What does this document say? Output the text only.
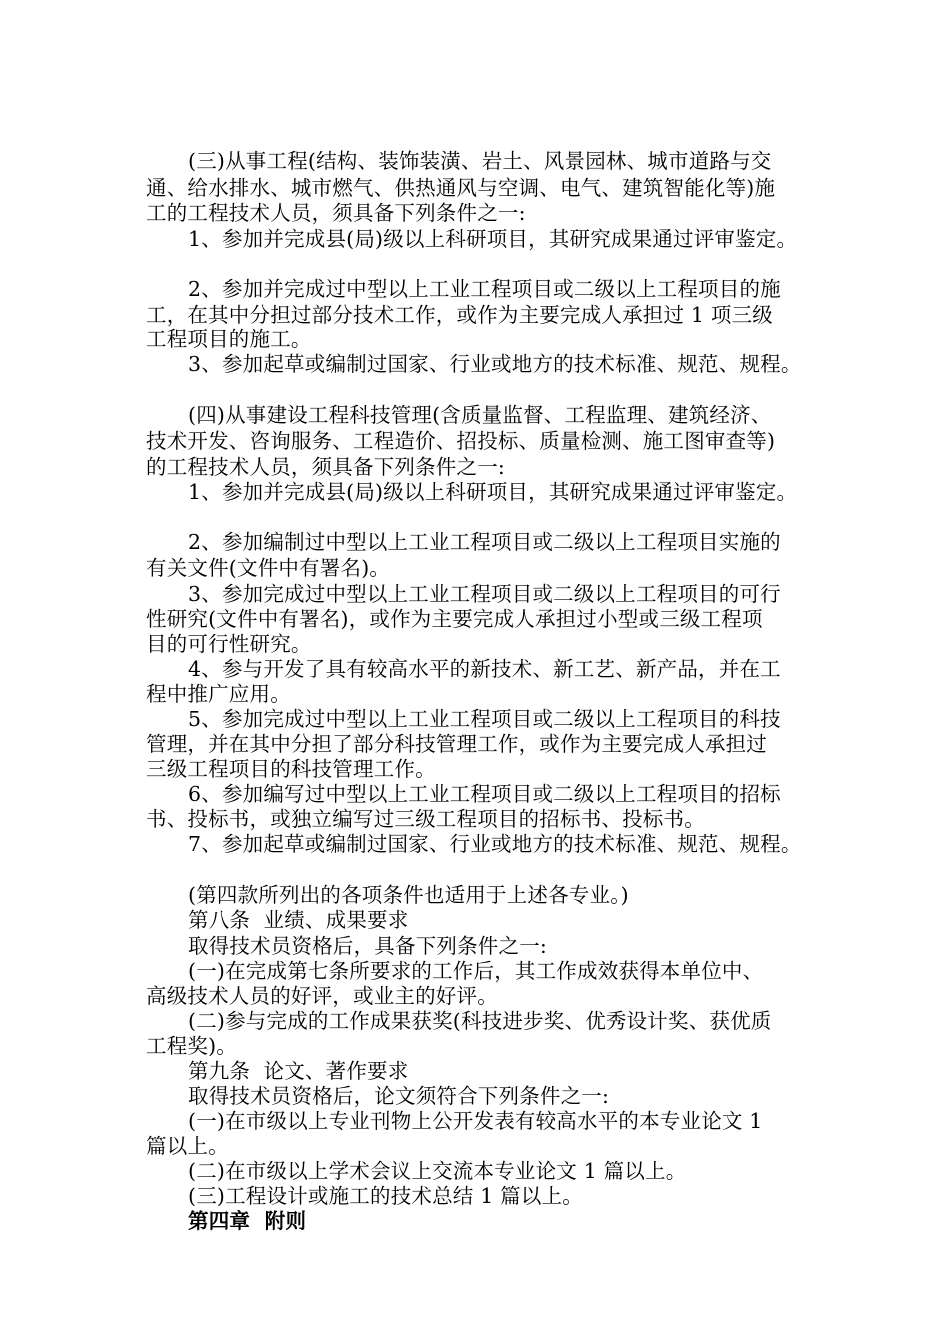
(三)从事工程(结构、装饰装潢、岩土、风景园林、城市道路与交
通、给水排水、城市燃气、供热通风与空调、电气、建筑智能化等)施
工的工程技术人员，须具备下列条件之一:
1、参加并完成县(局)级以上科研项目，其研究成果通过评审鉴定。
2、参加并完成过中型以上工业工程项目或二级以上工程项目的施
工，在其中分担过部分技术工作，或作为主要完成人承担过 1 项三级
工程项目的施工。
3、参加起草或编制过国家、行业或地方的技术标准、规范、规程。
(四)从事建设工程科技管理(含质量监督、工程监理、建筑经济、
技术开发、咨询服务、工程造价、招投标、质量检测、施工图审查等)
的工程技术人员，须具备下列条件之一:
1、参加并完成县(局)级以上科研项目，其研究成果通过评审鉴定。
2、参加编制过中型以上工业工程项目或二级以上工程项目实施的
有关文件(文件中有署名)。
3、参加完成过中型以上工业工程项目或二级以上工程项目的可行
性研究(文件中有署名)，或作为主要完成人承担过小型或三级工程项
目的可行性研究。
4、参与开发了具有较高水平的新技术、新工艺、新产品，并在工
程中推广应用。
5、参加完成过中型以上工业工程项目或二级以上工程项目的科技
管理，并在其中分担了部分科技管理工作，或作为主要完成人承担过
三级工程项目的科技管理工作。
6、参加编写过中型以上工业工程项目或二级以上工程项目的招标
书、投标书，或独立编写过三级工程项目的招标书、投标书。
7、参加起草或编制过国家、行业或地方的技术标准、规范、规程。
(第四款所列出的各项条件也适用于上述各专业。)
第八条  业绩、成果要求
取得技术员资格后，具备下列条件之一:
(一)在完成第七条所要求的工作后，其工作成效获得本单位中、
高级技术人员的好评，或业主的好评。
(二)参与完成的工作成果获奖(科技进步奖、优秀设计奖、获优质
工程奖)。
第九条  论文、著作要求
取得技术员资格后，论文须符合下列条件之一:
(一)在市级以上专业刊物上公开发表有较高水平的本专业论文 1
篇以上。
(二)在市级以上学术会议上交流本专业论文 1 篇以上。
(三)工程设计或施工的技术总结 1 篇以上。
第四章  附则
